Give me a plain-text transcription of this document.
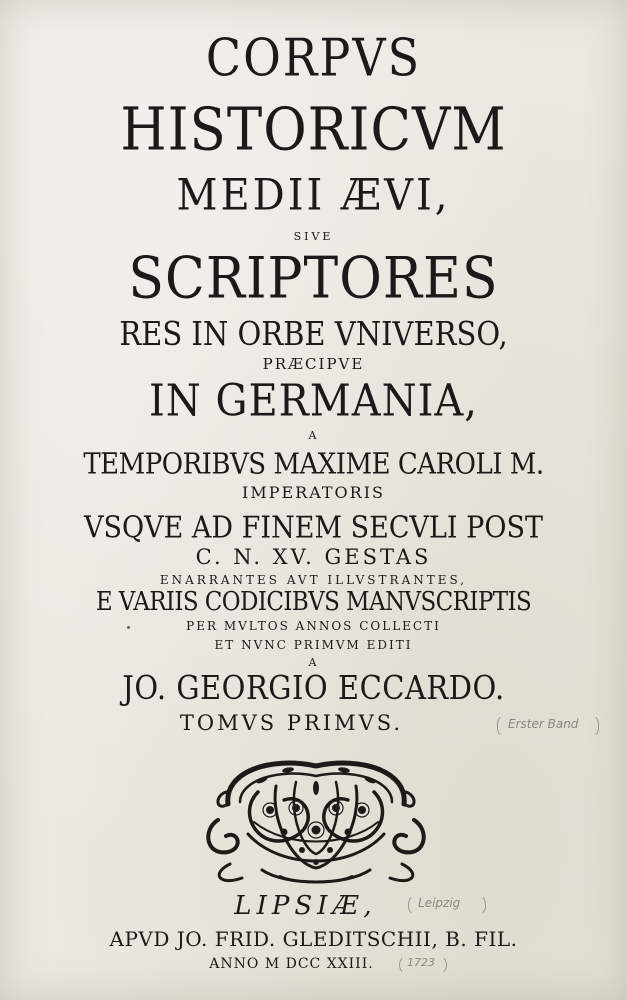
CORPVS
HISTORICVM
MEDII ÆVI,
SIVE
SCRIPTORES
RES IN ORBE VNIVERSO,
PRÆCIPVE
IN GERMANIA,
A
TEMPORIBVS MAXIME CAROLI M.
IMPERATORIS
VSQVE AD FINEM SECVLI POST
C. N. XV. GESTAS
ENARRANTES AVT ILLVSTRANTES,
E VARIIS CODICIBVS MANVSCRIPTIS
PER MVLTOS ANNOS COLLECTI
ET NVNC PRIMVM EDITI
A
JO. GEORGIO ECCARDO.
TOMVS PRIMVS.	Erster Band
LIPSIÆ,	Leipzig
APVD JO. FRID. GLEDITSCHII, B. FIL.
ANNO M DCC XXIII.	1723
